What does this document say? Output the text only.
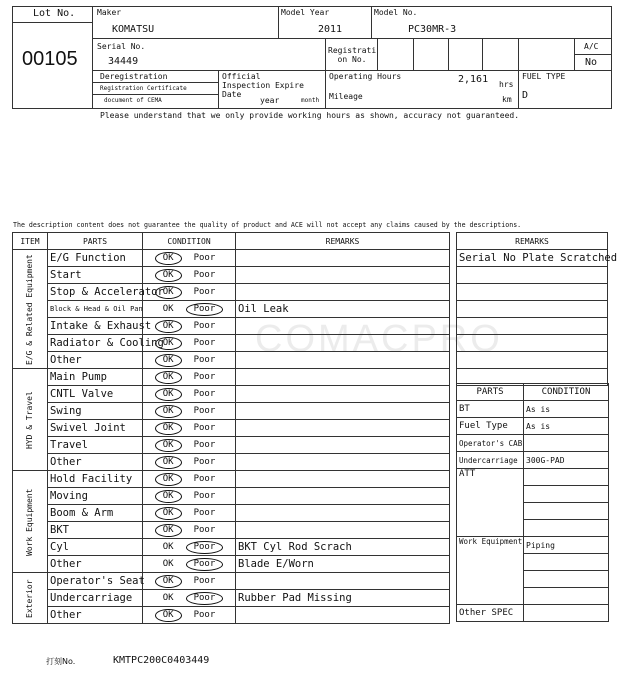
COMACPRO
Lot No.
00105
Maker
KOMATSU
Model Year
2011
Model No.
PC30MR-3
Serial No.
34449
Registrati on No.
A/C
No
Deregistration
Registration Certificate
document of CEMA
Official Inspection Expire Date
year	month
Operating Hours	2,161 hrs
km
Mileage
FUEL TYPE
D
Please understand that we only provide working hours as shown, accuracy not guaranteed.
The description content does not guarantee the quality of product and ACE will not accept any claims caused by the descriptions.
ITEM	PARTS	CONDITION	REMARKS

E/G & Related Equipment	E/G Function	OK Poor	
	Start	OK Poor	
	Stop & Accelerator	OK Poor	
	Block & Head & Oil Pan	OK Poor	Oil Leak
	Intake & Exhaust	OK Poor	
	Radiator & Cooling	OK Poor	
	Other	OK Poor	

HYD & Travel	Main Pump	OK Poor	
	CNTL Valve	OK Poor	
	Swing	OK Poor	
	Swivel Joint	OK Poor	
	Travel	OK Poor	
	Other	OK Poor	

Work Equipment	Hold Facility	OK Poor	
	Moving	OK Poor	
	Boom & Arm	OK Poor	
	BKT	OK Poor	
	Cyl	OK Poor	BKT Cyl Rod Scrach
	Other	OK Poor	Blade E/Worn

Exterior	Operator's Seat	OK Poor	
	Undercarriage	OK Poor	Rubber Pad Missing
	Other	OK Poor	
REMARKS
Serial No Plate Scratched

PARTS	CONDITION
BT	As is
Fuel Type	As is
Operator's CAB	
Undercarriage	300G-PAD
ATT	

Work Equipment	Piping

Other SPEC	
打刻No.	KMTPC200C0403449
